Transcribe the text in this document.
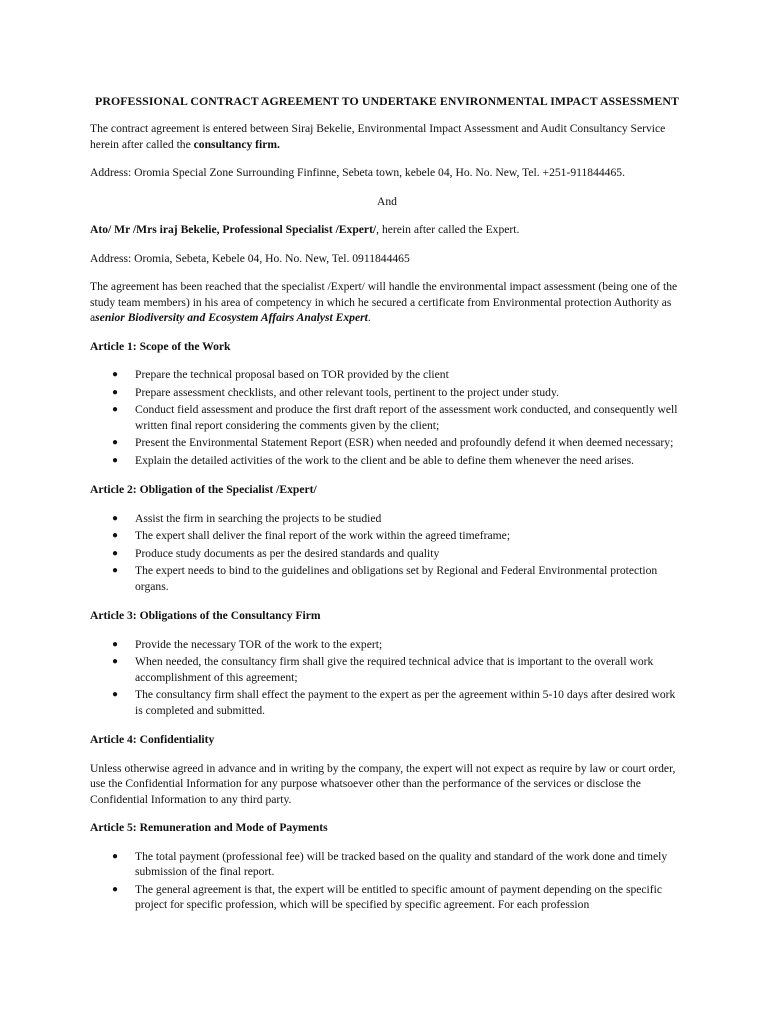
PROFESSIONAL CONTRACT AGREEMENT TO UNDERTAKE ENVIRONMENTAL IMPACT ASSESSMENT

The contract agreement is entered between Siraj Bekelie, Environmental Impact Assessment and Audit Consultancy Service herein after called the consultancy firm.

Address: Oromia Special Zone Surrounding Finfinne, Sebeta town, kebele 04, Ho. No. New, Tel. +251-911844465.

And

Ato/ Mr /Mrs iraj Bekelie, Professional Specialist /Expert/, herein after called the Expert.

Address: Oromia, Sebeta, Kebele 04, Ho. No. New, Tel. 0911844465

The agreement has been reached that the specialist /Expert/ will handle the environmental impact assessment (being one of the study team members) in his area of competency in which he secured a certificate from Environmental protection Authority as asenior Biodiversity and Ecosystem Affairs Analyst Expert.

Article 1: Scope of the Work
● Prepare the technical proposal based on TOR provided by the client
● Prepare assessment checklists, and other relevant tools, pertinent to the project under study.
● Conduct field assessment and produce the first draft report of the assessment work conducted, and consequently well written final report considering the comments given by the client;
● Present the Environmental Statement Report (ESR) when needed and profoundly defend it when deemed necessary;
● Explain the detailed activities of the work to the client and be able to define them whenever the need arises.
Article 2: Obligation of the Specialist /Expert/
● Assist the firm in searching the projects to be studied
● The expert shall deliver the final report of the work within the agreed timeframe;
● Produce study documents as per the desired standards and quality
● The expert needs to bind to the guidelines and obligations set by Regional and Federal Environmental protection organs.
Article 3: Obligations of the Consultancy Firm
● Provide the necessary TOR of the work to the expert;
● When needed, the consultancy firm shall give the required technical advice that is important to the overall work accomplishment of this agreement;
● The consultancy firm shall effect the payment to the expert as per the agreement within 5-10 days after desired work is completed and submitted.
Article 4: Confidentiality

Unless otherwise agreed in advance and in writing by the company, the expert will not expect as require by law or court order, use the Confidential Information for any purpose whatsoever other than the performance of the services or disclose the Confidential Information to any third party.

Article 5: Remuneration and Mode of Payments
● The total payment (professional fee) will be tracked based on the quality and standard of the work done and timely submission of the final report.
● The general agreement is that, the expert will be entitled to specific amount of payment depending on the specific project for specific profession, which will be specified by specific agreement. For each profession
